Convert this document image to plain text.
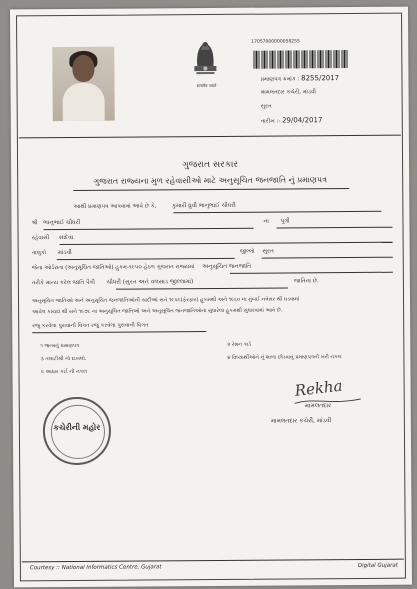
सत्यमेव जयते
17057000000058255
પ્રમાણપત્ર ક્રમાંક : 8255/2017
મામલતદાર કચેરી, માંડવી
સુરત
તારીખ :- 29/04/2017
ગુજરાત સરકાર
ગુજરાત રાજ્યના મુળ રહેવાસીઓ માટે અનુસૂચિત જનજાતિ નું પ્રમાણપત્ર
આથી પ્રમાણપત્ર આપવામાં આવે છે કે,	કુમારી ધ્રુવી ભાનુભાઈ ચૌધરી
શ્રી ભાનુભાઈ ચૌધરી	ના પુત્રી
રહેવાસી સાદેવા
તાલુકો માંડવી	જીલ્લો સુરત
જેના ઓર્ડરાતા (અનુસૂચિત જાતિઓ) હુકમ-૧૯૫૦ હેઠળ ગુજરાત રાજ્યમાં અનુસૂચિત જનજાતિ
તરીકે માન્ય કરેલ જાતિ પૈકી ચૌધરી (સુરત અને વલસાડ જીલ્લામાં)	જાતિના છે.
અનુસૂચિત જાતિઓ અને અનુસૂચિત જનજાતિઓની યાદીઓ સને ૧૯૫૬(ફેરફાર) હુકમથી અને ૧૯૬૦ ના મુંબઈ નવેસર થી ઘડવામાં
આવેલ કાયદા થી સને ૧૯૭૬ ના અનુસૂચિત જાતિઓ અને અનુસૂચિત જનજાતિઓના સુધારેલા હુકમથી સુધારવામાં આવે છે.
રજુ કરવેલા પુરાવાની વિગત રજુ કરવેલા પુરાવાની વિગત
૧ જન્મનું પ્રમાણપત્ર	૨ રેશન કાર્ડ
૩ તલાટીશ્રી નો દાખલો.	૪ વિધ્યાર્થીઓને નું શાળા છોડવાનું પ્રમાણપત્રની ખરી નકલ
૫ આધાર કાર્ડ ની નકલ
Rekha
મામલતદાર
મામલતદાર કચેરી, માંડવી
કચેરીની મહોર
Courtesy :: National Informatics Centre, Gujarat	Digital Gujarat
